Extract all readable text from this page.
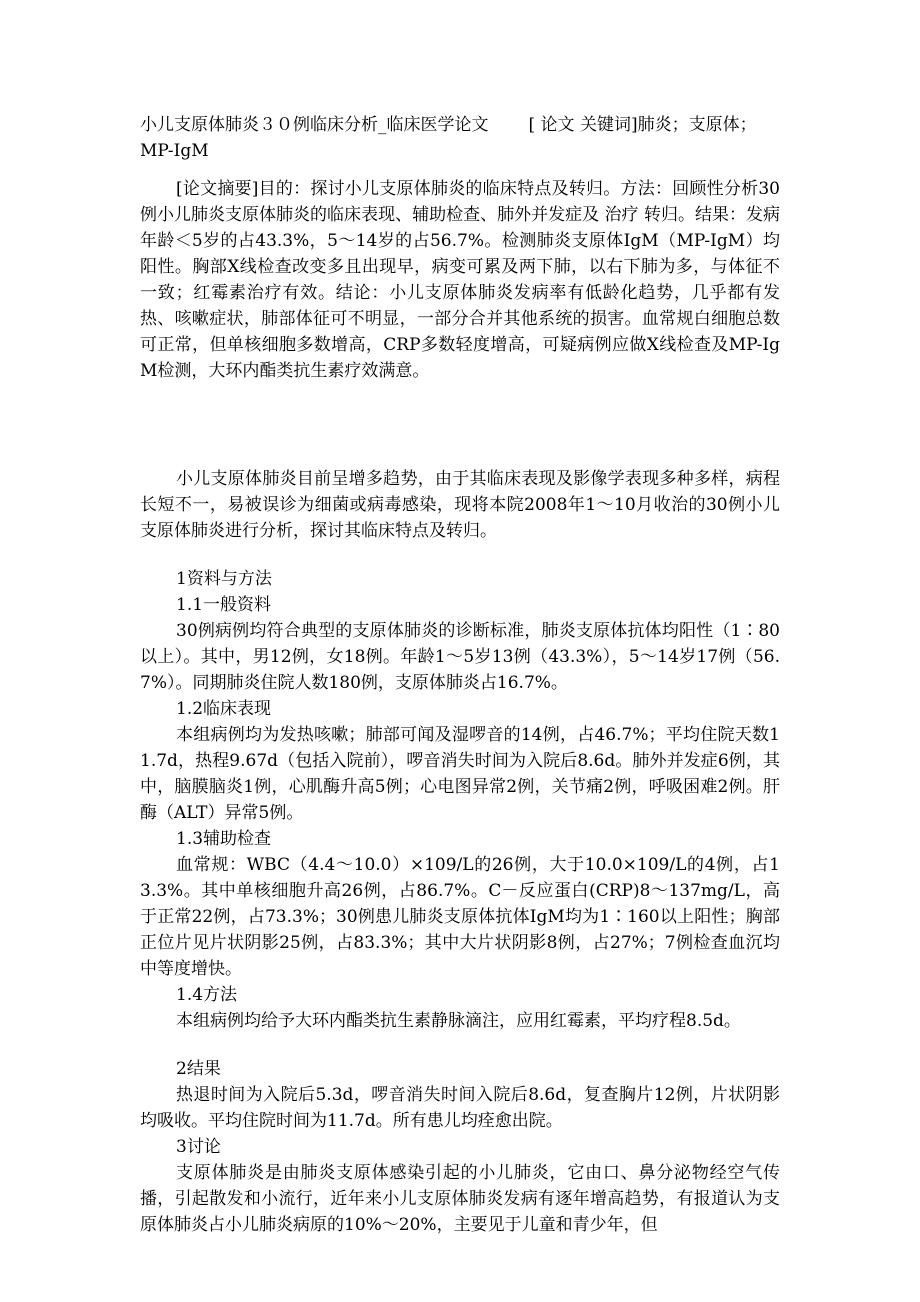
小儿支原体肺炎３０例临床分析_临床医学论文 [ 论文 关键词]肺炎；支原体；MP-IgM

[论文摘要]目的：探讨小儿支原体肺炎的临床特点及转归。方法：回顾性分析30例小儿肺炎支原体肺炎的临床表现、辅助检查、肺外并发症及 治疗 转归。结果：发病年龄＜5岁的占43.3%，5～14岁的占56.7%。检测肺炎支原体IgM（MP-IgM）均阳性。胸部X线检查改变多且出现早，病变可累及两下肺，以右下肺为多，与体征不一致；红霉素治疗有效。结论：小儿支原体肺炎发病率有低龄化趋势，几乎都有发热、咳嗽症状，肺部体征可不明显，一部分合并其他系统的损害。血常规白细胞总数可正常，但单核细胞多数增高，CRP多数轻度增高，可疑病例应做X线检查及MP-IgM检测，大环内酯类抗生素疗效满意。

小儿支原体肺炎目前呈增多趋势，由于其临床表现及影像学表现多种多样，病程长短不一，易被误诊为细菌或病毒感染，现将本院2008年1～10月收治的30例小儿支原体肺炎进行分析，探讨其临床特点及转归。

1资料与方法

1.1一般资料

30例病例均符合典型的支原体肺炎的诊断标准，肺炎支原体抗体均阳性（1∶80以上）。其中，男12例，女18例。年龄1～5岁13例（43.3%），5～14岁17例（56.7%）。同期肺炎住院人数180例，支原体肺炎占16.7%。

1.2临床表现

本组病例均为发热咳嗽；肺部可闻及湿啰音的14例，占46.7%；平均住院天数11.7d，热程9.67d（包括入院前），啰音消失时间为入院后8.6d。肺外并发症6例，其中，脑膜脑炎1例，心肌酶升高5例；心电图异常2例，关节痛2例，呼吸困难2例。肝酶（ALT）异常5例。

1.3辅助检查

血常规：WBC（4.4～10.0）×109/L的26例，大于10.0×109/L的4例，占13.3%。其中单核细胞升高26例，占86.7%。C－反应蛋白(CRP)8～137mg/L，高于正常22例，占73.3%；30例患儿肺炎支原体抗体IgM均为1∶160以上阳性；胸部正位片见片状阴影25例，占83.3%；其中大片状阴影8例，占27%；7例检查血沉均中等度增快。

1.4方法

本组病例均给予大环内酯类抗生素静脉滴注，应用红霉素，平均疗程8.5d。

2结果

热退时间为入院后5.3d，啰音消失时间入院后8.6d，复查胸片12例，片状阴影均吸收。平均住院时间为11.7d。所有患儿均痊愈出院。

3讨论

支原体肺炎是由肺炎支原体感染引起的小儿肺炎，它由口、鼻分泌物经空气传播，引起散发和小流行，近年来小儿支原体肺炎发病有逐年增高趋势，有报道认为支原体肺炎占小儿肺炎病原的10%～20%，主要见于儿童和青少年，但
